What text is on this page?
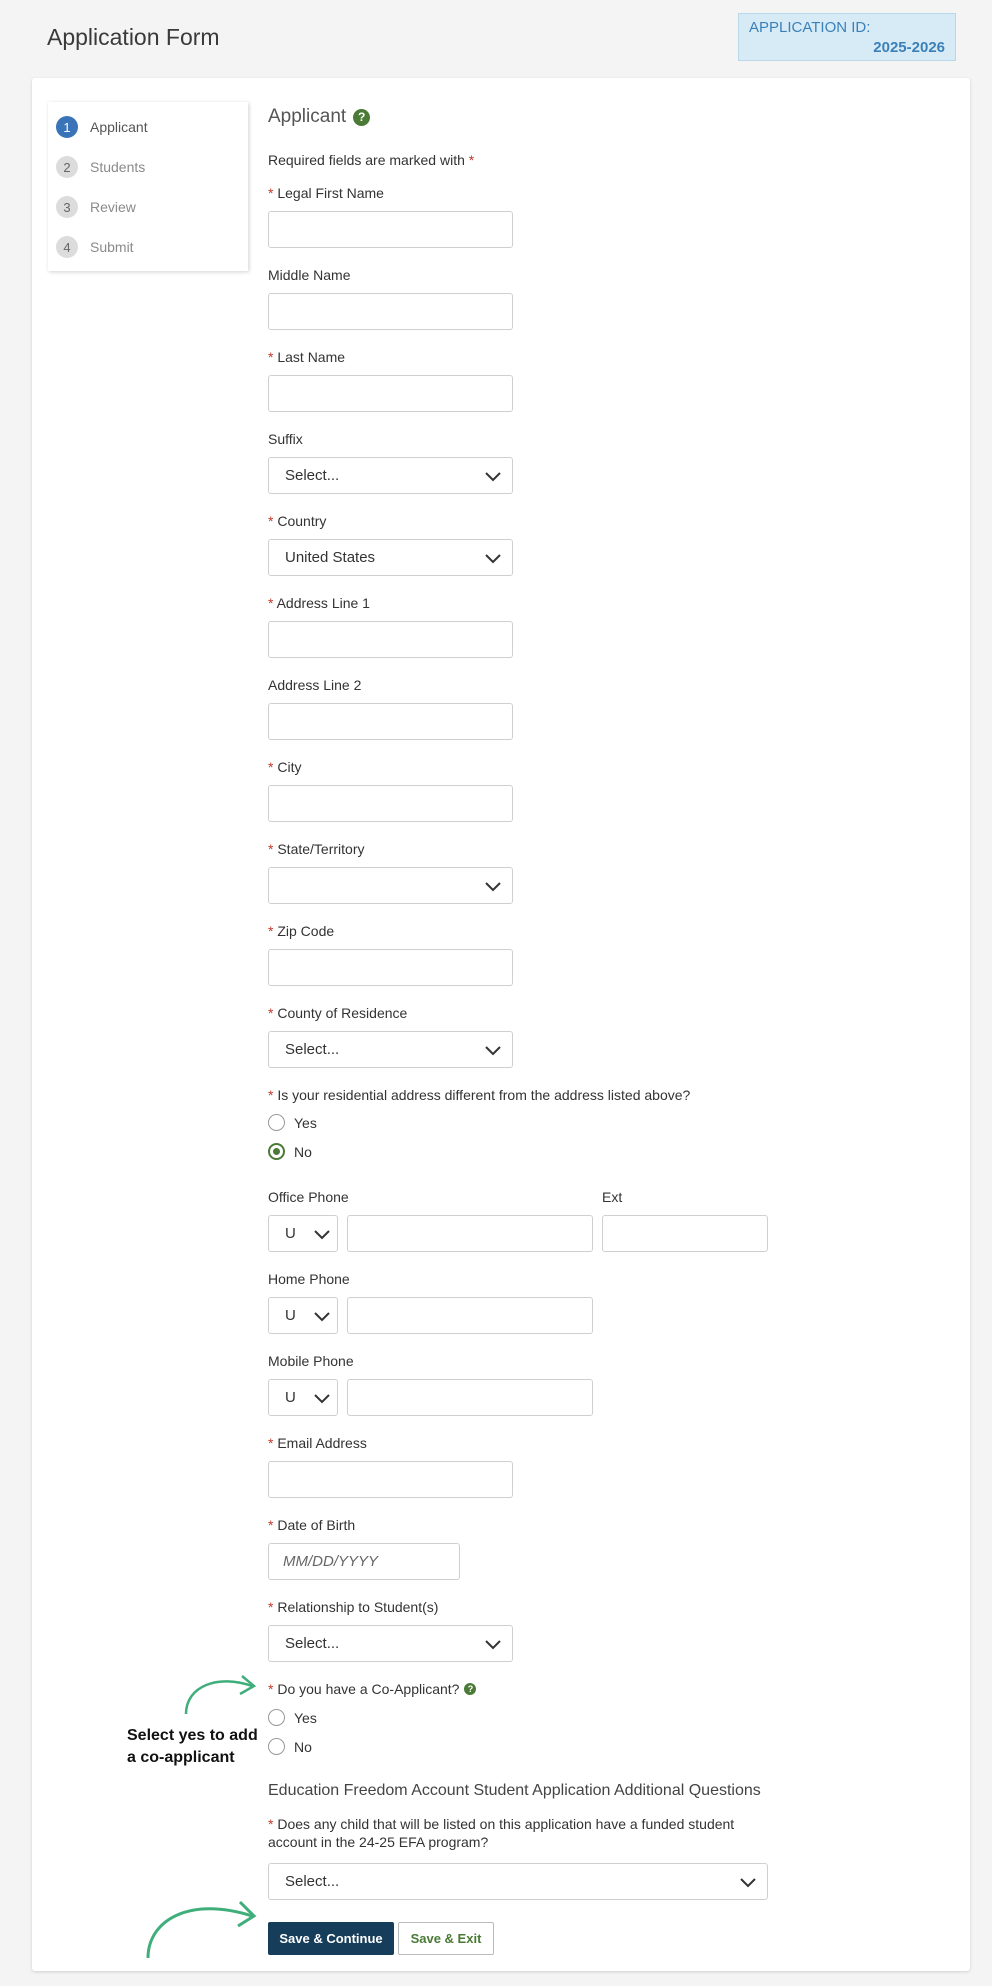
Application Form	APPLICATION ID:
2025-2026
1	Applicant
2	Students
3	Review
4	Submit
Applicant ?
Required fields are marked with *
* Legal First Name
Middle Name
* Last Name
Suffix
Select...
* Country
United States
* Address Line 1
Address Line 2
* City
* State/Territory
* Zip Code
* County of Residence
Select...
* Is your residential address different from the address listed above?
Yes
No
Office Phone	Ext
U
Home Phone
U
Mobile Phone
U
* Email Address
* Date of Birth
MM/DD/YYYY
* Relationship to Student(s)
Select...
*
Do you have a Co-Applicant? ?
Yes
No
Select yes to add
a co-applicant
Education Freedom Account Student Application Additional Questions
* Does any child that will be listed on this application have a funded student account in the 24-25 EFA program?
Select...
Save & Continue	Save & Exit
